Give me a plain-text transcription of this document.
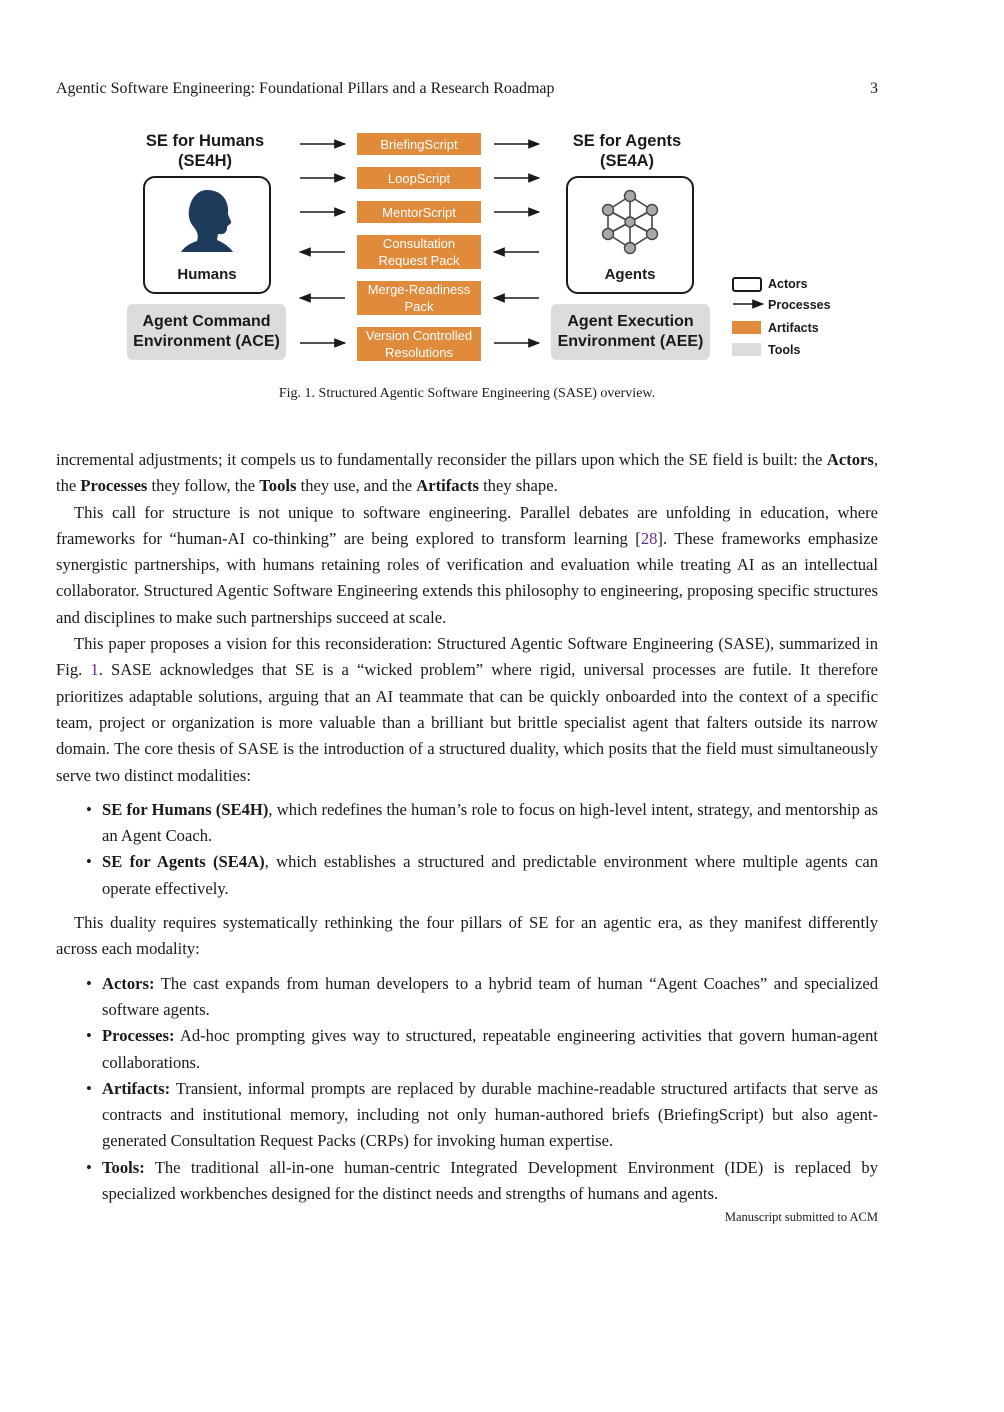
Agentic Software Engineering: Foundational Pillars and a Research Roadmap	3
SE for Humans
(SE4H)
SE for Agents
(SE4A)
Humans	Agents
Agent Command
Environment (ACE)
Agent Execution
Environment (AEE)
BriefingScript
LoopScript
MentorScript
Consultation
Request Pack
Merge-Readiness
Pack
Version Controlled
Resolutions
Actors
Processes
Artifacts
Tools
Fig. 1. Structured Agentic Software Engineering (SASE) overview.

incremental adjustments; it compels us to fundamentally reconsider the pillars upon which the SE field is built: the Actors, the Processes they follow, the Tools they use, and the Artifacts they shape.

This call for structure is not unique to software engineering. Parallel debates are unfolding in education, where frameworks for “human-AI co-thinking” are being explored to transform learning [28]. These frameworks emphasize synergistic partnerships, with humans retaining roles of verification and evaluation while treating AI as an intellectual collaborator. Structured Agentic Software Engineering extends this philosophy to engineering, proposing specific structures and disciplines to make such partnerships succeed at scale.

This paper proposes a vision for this reconsideration: Structured Agentic Software Engineering (SASE), summarized in Fig. 1. SASE acknowledges that SE is a “wicked problem” where rigid, universal processes are futile. It therefore prioritizes adaptable solutions, arguing that an AI teammate that can be quickly onboarded into the context of a specific team, project or organization is more valuable than a brilliant but brittle specialist agent that falters outside its narrow domain. The core thesis of SASE is the introduction of a structured duality, which posits that the field must simultaneously serve two distinct modalities:

• SE for Humans (SE4H), which redefines the human’s role to focus on high-level intent, strategy, and mentorship as an Agent Coach.
• SE for Agents (SE4A), which establishes a structured and predictable environment where multiple agents can operate effectively.

This duality requires systematically rethinking the four pillars of SE for an agentic era, as they manifest differently across each modality:

• Actors: The cast expands from human developers to a hybrid team of human “Agent Coaches” and specialized software agents.
• Processes: Ad-hoc prompting gives way to structured, repeatable engineering activities that govern human-agent collaborations.
• Artifacts: Transient, informal prompts are replaced by durable machine-readable structured artifacts that serve as contracts and institutional memory, including not only human-authored briefs (BriefingScript) but also agent-generated Consultation Request Packs (CRPs) for invoking human expertise.
• Tools: The traditional all-in-one human-centric Integrated Development Environment (IDE) is replaced by specialized workbenches designed for the distinct needs and strengths of humans and agents.
Manuscript submitted to ACM
